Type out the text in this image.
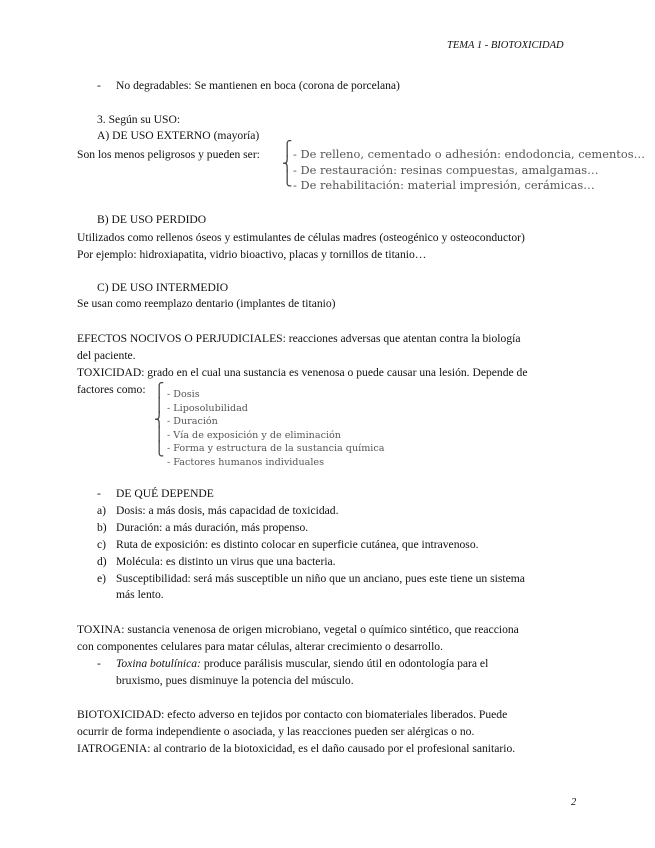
TEMA 1 - BIOTOXICIDAD
- No degradables: Se mantienen en boca (corona de porcelana)
3. Según su USO:
A) DE USO EXTERNO (mayoría)
Son los menos peligrosos y pueden ser: ⎧
⎨
⎩
- De relleno, cementado o adhesión: endodoncia, cementos…
- De restauración: resinas compuestas, amalgamas…
- De rehabilitación: material impresión, cerámicas…
B) DE USO PERDIDO
Utilizados como rellenos óseos y estimulantes de células madres (osteogénico y osteoconductor)
Por ejemplo: hidroxiapatita, vidrio bioactivo, placas y tornillos de titanio…
C) DE USO INTERMEDIO
Se usan como reemplazo dentario (implantes de titanio)
EFECTOS NOCIVOS O PERJUDICIALES: reacciones adversas que atentan contra la biología
del paciente.
TOXICIDAD: grado en el cual una sustancia es venenosa o puede causar una lesión. Depende de
factores como: ⎧
⎪
⎨
⎪
⎩
- Dosis
- Liposolubilidad
- Duración
- Vía de exposición y de eliminación
- Forma y estructura de la sustancia química
- Factores humanos individuales
- DE QUÉ DEPENDE
a) Dosis: a más dosis, más capacidad de toxicidad.
b) Duración: a más duración, más propenso.
c) Ruta de exposición: es distinto colocar en superficie cutánea, que intravenoso.
d) Molécula: es distinto un virus que una bacteria.
e) Susceptibilidad: será más susceptible un niño que un anciano, pues este tiene un sistema
más lento.
TOXINA: sustancia venenosa de origen microbiano, vegetal o químico sintético, que reacciona
con componentes celulares para matar células, alterar crecimiento o desarrollo.
- Toxina botulínica: produce parálisis muscular, siendo útil en odontología para el
bruxismo, pues disminuye la potencia del músculo.
BIOTOXICIDAD: efecto adverso en tejidos por contacto con biomateriales liberados. Puede
ocurrir de forma independiente o asociada, y las reacciones pueden ser alérgicas o no.
IATROGENIA: al contrario de la biotoxicidad, es el daño causado por el profesional sanitario.
2
